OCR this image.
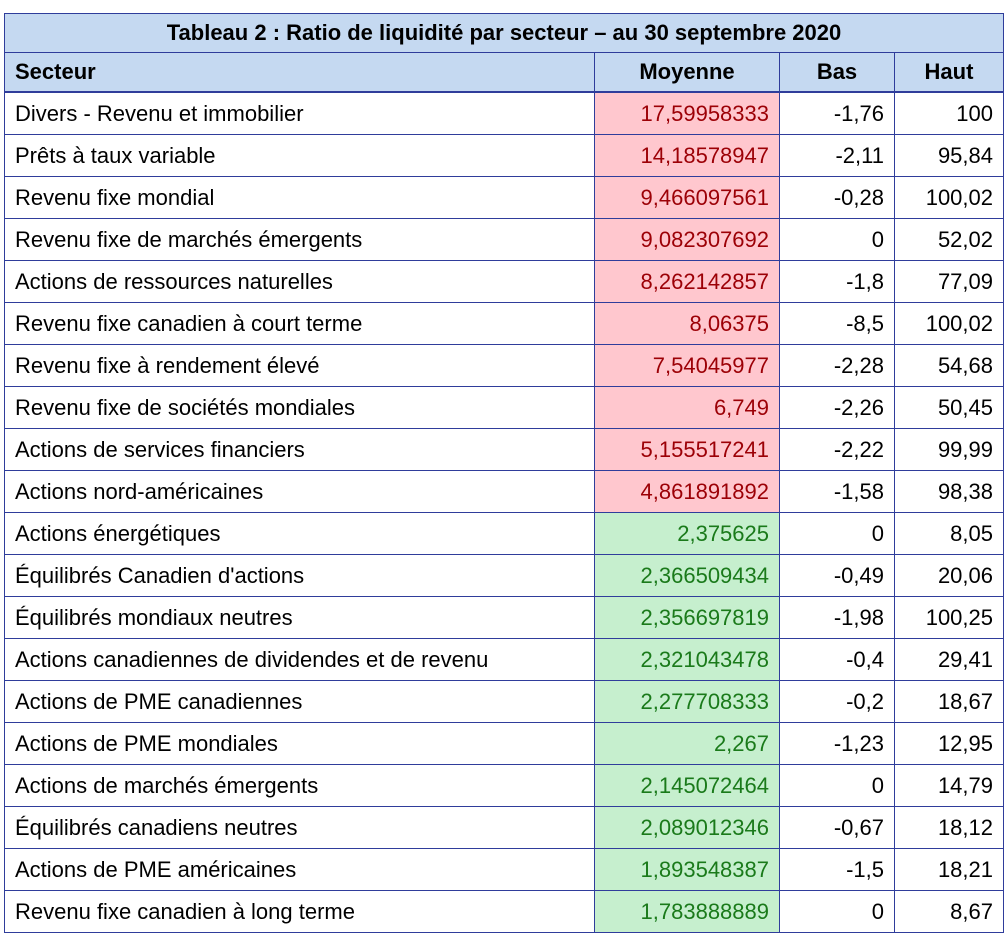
Tableau 2 : Ratio de liquidité par secteur – au 30 septembre 2020
Secteur	Moyenne	Bas	Haut
Divers - Revenu et immobilier	17,59958333	-1,76	100
Prêts à taux variable	14,18578947	-2,11	95,84
Revenu fixe mondial	9,466097561	-0,28	100,02
Revenu fixe de marchés émergents	9,082307692	0	52,02
Actions de ressources naturelles	8,262142857	-1,8	77,09
Revenu fixe canadien à court terme	8,06375	-8,5	100,02
Revenu fixe à rendement élevé	7,54045977	-2,28	54,68
Revenu fixe de sociétés mondiales	6,749	-2,26	50,45
Actions de services financiers	5,155517241	-2,22	99,99
Actions nord-américaines	4,861891892	-1,58	98,38
Actions énergétiques	2,375625	0	8,05
Équilibrés Canadien d'actions	2,366509434	-0,49	20,06
Équilibrés mondiaux neutres	2,356697819	-1,98	100,25
Actions canadiennes de dividendes et de revenu	2,321043478	-0,4	29,41
Actions de PME canadiennes	2,277708333	-0,2	18,67
Actions de PME mondiales	2,267	-1,23	12,95
Actions de marchés émergents	2,145072464	0	14,79
Équilibrés canadiens neutres	2,089012346	-0,67	18,12
Actions de PME américaines	1,893548387	-1,5	18,21
Revenu fixe canadien à long terme	1,783888889	0	8,67
